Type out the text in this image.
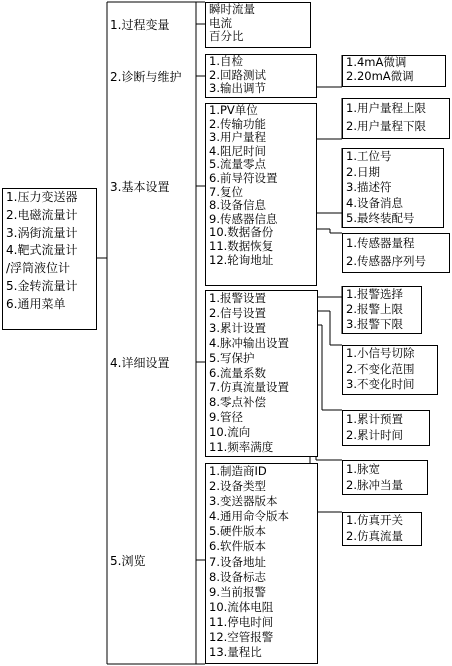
1.压力变送器
2.电磁流量计
3.涡街流量计
4.靶式流量计
/浮筒液位计
5.金转流量计
6.通用菜单
1.过程变量
2.诊断与维护
3.基本设置
4.详细设置
5.浏览
瞬时流量
电流
百分比
1.自检
2.回路测试
3.输出调节
1.4mA微调
2.20mA微调
1.PV单位
2.传输功能
3.用户量程
4.阻尼时间
5.流量零点
6.前导符设置
7.复位
8.设备信息
9.传感器信息
10.数据备份
11.数据恢复
12.轮询地址
1.用户量程上限
2.用户量程下限
1.工位号
2.日期
3.描述符
4.设备消息
5.最终装配号
1.传感器量程
2.传感器序列号
1.报警设置
2.信号设置
3.累计设置
4.脉冲输出设置
5.写保护
6.流量系数
7.仿真流量设置
8.零点补偿
9.管径
10.流向
11.频率满度
1.报警选择
2.报警上限
3.报警下限
1.小信号切除
2.不变化范围
3.不变化时间
1.累计预置
2.累计时间
1.脉宽
2.脉冲当量
1.仿真开关
2.仿真流量
1.制造商ID
2.设备类型
3.变送器版本
4.通用命令版本
5.硬件版本
6.软件版本
7.设备地址
8.设备标志
9.当前报警
10.流体电阻
11.停电时间
12.空管报警
13.量程比
